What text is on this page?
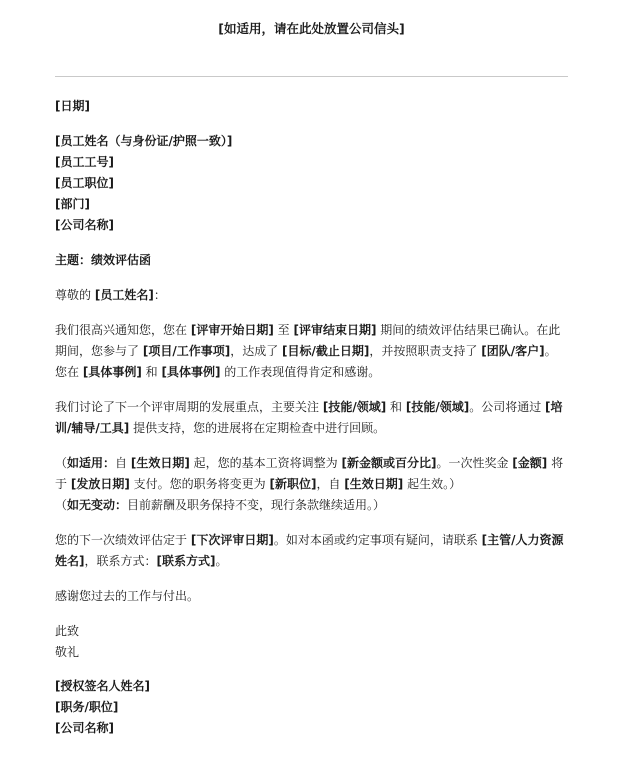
[如适用，请在此处放置公司信头]
[日期]
[员工姓名（与身份证/护照一致）]
[员工工号]
[员工职位]
[部门]
[公司名称]
主题：绩效评估函

尊敬的 [员工姓名]：

我们很高兴通知您，您在 [评审开始日期] 至 [评审结束日期] 期间的绩效评估结果已确认。在此期间，您参与了 [项目/工作事项]，达成了 [目标/截止日期]，并按照职责支持了 [团队/客户]。您在 [具体事例] 和 [具体事例] 的工作表现值得肯定和感谢。

我们讨论了下一个评审周期的发展重点，主要关注 [技能/领域] 和 [技能/领域]。公司将通过 [培训/辅导/工具] 提供支持，您的进展将在定期检查中进行回顾。

（如适用：自 [生效日期] 起，您的基本工资将调整为 [新金额或百分比]。一次性奖金 [金额] 将于 [发放日期] 支付。您的职务将变更为 [新职位]，自 [生效日期] 起生效。）
（如无变动：目前薪酬及职务保持不变，现行条款继续适用。）

您的下一次绩效评估定于 [下次评审日期]。如对本函或约定事项有疑问，请联系 [主管/人力资源姓名]，联系方式：[联系方式]。

感谢您过去的工作与付出。

此致
敬礼
[授权签名人姓名]
[职务/职位]
[公司名称]
